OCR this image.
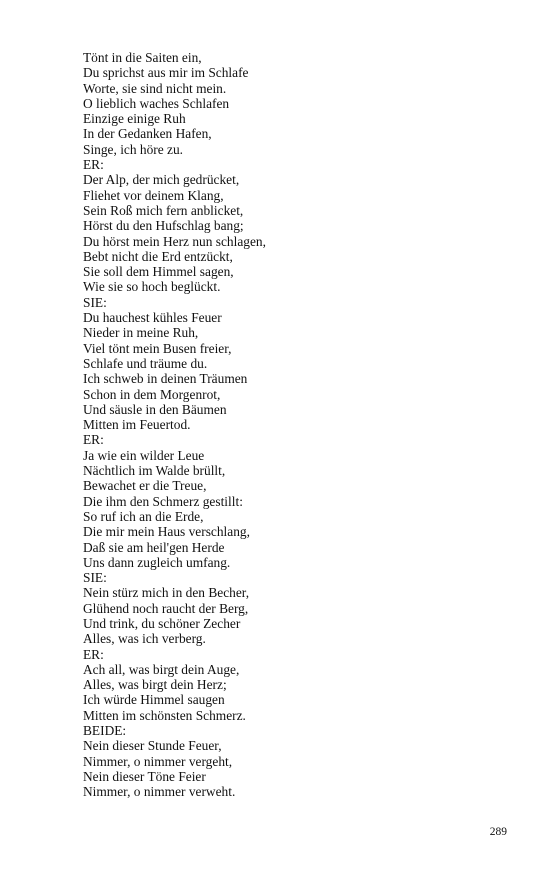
Tönt in die Saiten ein,
Du sprichst aus mir im Schlafe
Worte, sie sind nicht mein.
O lieblich waches Schlafen
Einzige einige Ruh
In der Gedanken Hafen,
Singe, ich höre zu.
ER:
Der Alp, der mich gedrücket,
Fliehet vor deinem Klang,
Sein Roß mich fern anblicket,
Hörst du den Hufschlag bang;
Du hörst mein Herz nun schlagen,
Bebt nicht die Erd entzückt,
Sie soll dem Himmel sagen,
Wie sie so hoch beglückt.
SIE:
Du hauchest kühles Feuer
Nieder in meine Ruh,
Viel tönt mein Busen freier,
Schlafe und träume du.
Ich schweb in deinen Träumen
Schon in dem Morgenrot,
Und säusle in den Bäumen
Mitten im Feuertod.
ER:
Ja wie ein wilder Leue
Nächtlich im Walde brüllt,
Bewachet er die Treue,
Die ihm den Schmerz gestillt:
So ruf ich an die Erde,
Die mir mein Haus verschlang,
Daß sie am heil'gen Herde
Uns dann zugleich umfang.
SIE:
Nein stürz mich in den Becher,
Glühend noch raucht der Berg,
Und trink, du schöner Zecher
Alles, was ich verberg.
ER:
Ach all, was birgt dein Auge,
Alles, was birgt dein Herz;
Ich würde Himmel saugen
Mitten im schönsten Schmerz.
BEIDE:
Nein dieser Stunde Feuer,
Nimmer, o nimmer vergeht,
Nein dieser Töne Feier
Nimmer, o nimmer verweht.
289
